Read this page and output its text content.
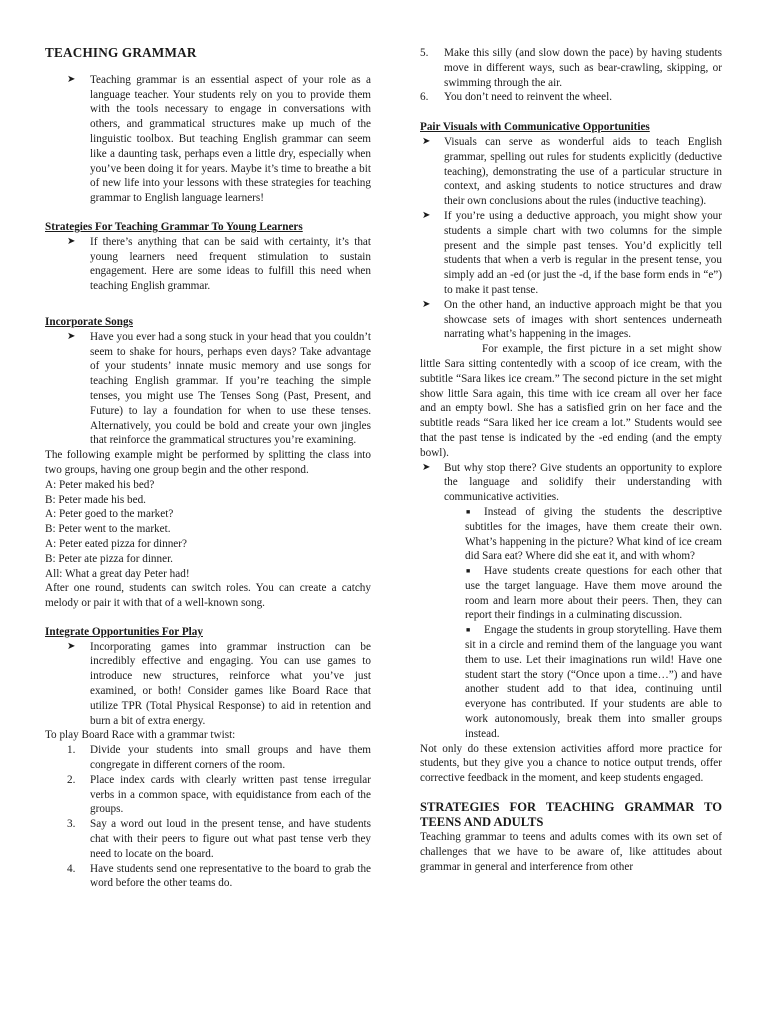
TEACHING GRAMMAR
➤ Teaching grammar is an essential aspect of your role as a language teacher. Your students rely on you to provide them with the tools necessary to engage in conversations with others, and grammatical structures make up much of the linguistic toolbox. But teaching English grammar can seem like a daunting task, perhaps even a little dry, especially when you’ve been doing it for years. Maybe it’s time to breathe a bit of new life into your lessons with these strategies for teaching grammar to English language learners!
Strategies For Teaching Grammar To Young Learners
➤ If there’s anything that can be said with certainty, it’s that young learners need frequent stimulation to sustain engagement. Here are some ideas to fulfill this need when teaching English grammar.
Incorporate Songs
➤ Have you ever had a song stuck in your head that you couldn’t seem to shake for hours, perhaps even days? Take advantage of your students’ innate music memory and use songs for teaching English grammar. If you’re teaching the simple tenses, you might use The Tenses Song (Past, Present, and Future) to lay a foundation for when to use these tenses. Alternatively, you could be bold and create your own jingles that reinforce the grammatical structures you’re examining.

The following example might be performed by splitting the class into two groups, having one group begin and the other respond.

A: Peter maked his bed?
B: Peter made his bed.
A: Peter goed to the market?
B: Peter went to the market.
A: Peter eated pizza for dinner?
B: Peter ate pizza for dinner.
All: What a great day Peter had!

After one round, students can switch roles. You can create a catchy melody or pair it with that of a well-known song.

Integrate Opportunities For Play
➤ Incorporating games into grammar instruction can be incredibly effective and engaging. You can use games to introduce new structures, reinforce what you’ve just examined, or both! Consider games like Board Race that utilize TPR (Total Physical Response) to aid in retention and burn a bit of extra energy.

To play Board Race with a grammar twist:

1. Divide your students into small groups and have them congregate in different corners of the room.
2. Place index cards with clearly written past tense irregular verbs in a common space, with equidistance from each of the groups.
3. Say a word out loud in the present tense, and have students chat with their peers to figure out what past tense verb they need to locate on the board.
4. Have students send one representative to the board to grab the word before the other teams do.
5. Make this silly (and slow down the pace) by having students move in different ways, such as bear-crawling, skipping, or swimming through the air.
6. You don’t need to reinvent the wheel.
Pair Visuals with Communicative Opportunities
➤ Visuals can serve as wonderful aids to teach English grammar, spelling out rules for students explicitly (deductive teaching), demonstrating the use of a particular structure in context, and asking students to notice structures and draw their own conclusions about the rules (inductive teaching).
➤ If you’re using a deductive approach, you might show your students a simple chart with two columns for the simple present and the simple past tenses. You’d explicitly tell students that when a verb is regular in the present tense, you simply add an -ed (or just the -d, if the base form ends in “e”) to make it past tense.
➤ On the other hand, an inductive approach might be that you showcase sets of images with short sentences underneath narrating what’s happening in the images.

For example, the first picture in a set might show little Sara sitting contentedly with a scoop of ice cream, with the subtitle “Sara likes ice cream.” The second picture in the set might show little Sara again, this time with ice cream all over her face and an empty bowl. She has a satisfied grin on her face and the subtitle reads “Sara liked her ice cream a lot.” Students would see that the past tense is indicated by the -ed ending (and the empty bowl).

➤ But why stop there? Give students an opportunity to explore the language and solidify their understanding with communicative activities.
■	Instead of giving the students the descriptive subtitles for the images, have them create their own. What’s happening in the picture? What kind of ice cream did Sara eat? Where did she eat it, and with whom?
■	Have students create questions for each other that use the target language. Have them move around the room and learn more about their peers. Then, they can report their findings in a culminating discussion.
■	Engage the students in group storytelling. Have them sit in a circle and remind them of the language you want them to use. Let their imaginations run wild! Have one student start the story (“Once upon a time…”) and have another student add to that idea, continuing until everyone has contributed. If your students are able to work autonomously, break them into smaller groups instead.

Not only do these extension activities afford more practice for students, but they give you a chance to notice output trends, offer corrective feedback in the moment, and keep students engaged.

STRATEGIES FOR TEACHING GRAMMAR TO TEENS AND ADULTS

Teaching grammar to teens and adults comes with its own set of challenges that we have to be aware of, like attitudes about grammar in general and interference from other
